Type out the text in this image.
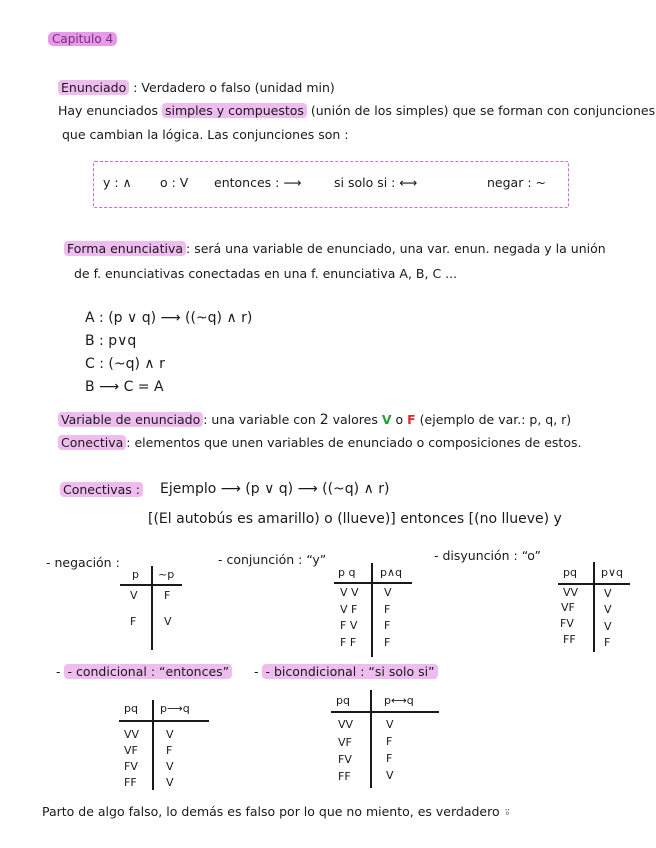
Capitulo 4
Enunciado : Verdadero o falso (unidad min)
Hay enunciados simples y compuestos (unión de los simples) que se forman con conjunciones
que cambian la lógica. Las conjunciones son :
y : ∧ o : V entonces : ⟶	si solo si : ⟷	negar : ~
Forma enunciativa : será una variable de enunciado, una var. enun. negada y la unión
de f. enunciativas conectadas en una f. enunciativa A, B, C ...
A : (p ∨ q) ⟶ ((~q) ∧ r)
B : p∨q
C : (~q) ∧ r
B ⟶ C = A
Variable de enunciado : una variable con 2 valores V o F (ejemplo de var.: p, q, r)
Conectiva : elementos que unen variables de enunciado o composiciones de estos.
Conectivas : Ejemplo ⟶ (p ∨ q) ⟶ ((~q) ∧ r)
[(El autobús es amarillo) o (llueve)] entonces [(no llueve) y
- negación :
p ~p
V F
F	V
- conjunción : “y”
p q p∧q
V V V
V F F
F V F
F F	F
- disyunción : “o”
pq p∨q
VV V
VF	V
FV	V
FF	F
- - condicional : “entonces”
pq p⟶q
VV V
VF	F
FV	V
FF	V
- - bicondicional : “si solo si”
pq	p⟷q
VV	V
VF	F
FV	F
FF	V
Parto de algo falso, lo demás es falso por lo que no miento, es verdadero ⍤
